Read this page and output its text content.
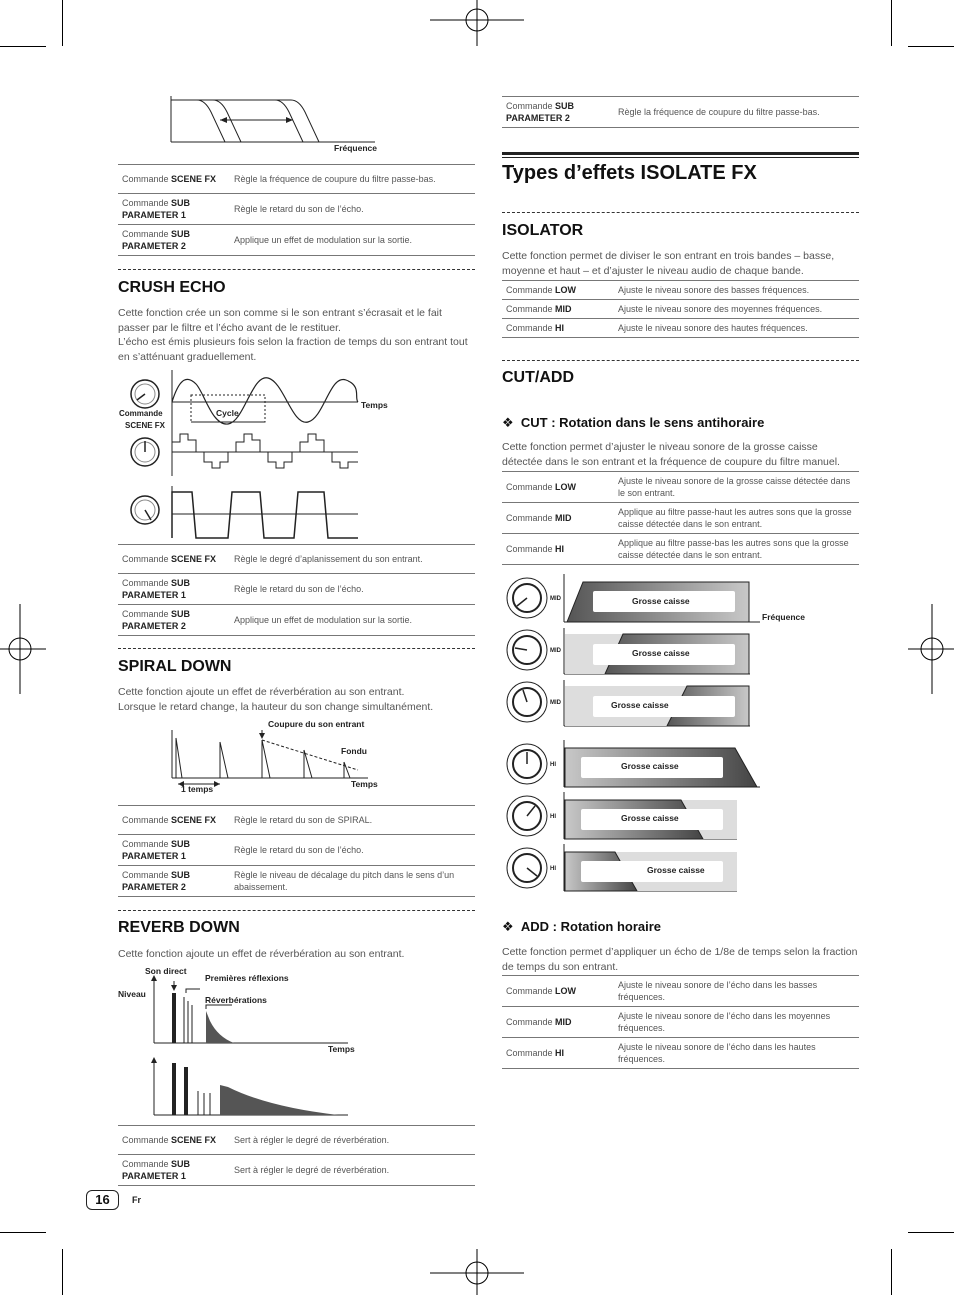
Fréquence
Commande SCENE FX	Règle la fréquence de coupure du filtre passe-bas.
Commande SUB PARAMETER 1	Règle le retard du son de l’écho.
Commande SUB PARAMETER 2	Applique un effet de modulation sur la sortie.
CRUSH ECHO
Cette fonction crée un son comme si le son entrant s’écrasait et le fait passer par le filtre et l’écho avant de le restituer.
L’écho est émis plusieurs fois selon la fraction de temps du son entrant tout en s’atténuant graduellement.
Commande
SCENE FX
Cycle
Temps
Commande SCENE FX	Règle le degré d’aplanissement du son entrant.
Commande SUB PARAMETER 1	Règle le retard du son de l’écho.
Commande SUB PARAMETER 2	Applique un effet de modulation sur la sortie.
SPIRAL DOWN
Cette fonction ajoute un effet de réverbération au son entrant.
Lorsque le retard change, la hauteur du son change simultanément.
Coupure du son entrant
Fondu
Temps
1 temps
Commande SCENE FX	Règle le retard du son de SPIRAL.
Commande SUB PARAMETER 1	Règle le retard du son de l’écho.
Commande SUB PARAMETER 2	Règle le niveau de décalage du pitch dans le sens d’un abaissement.
REVERB DOWN
Cette fonction ajoute un effet de réverbération au son entrant.
Son direct
Premières réflexions
Niveau
Réverbérations
Temps
Commande SCENE FX	Sert à régler le degré de réverbération.
Commande SUB PARAMETER 1	Sert à régler le degré de réverbération.
16	Fr
Commande SUB PARAMETER 2	Règle la fréquence de coupure du filtre passe-bas.
Types d’effets ISOLATE FX
ISOLATOR
Cette fonction permet de diviser le son entrant en trois bandes – basse, moyenne et haut – et d’ajuster le niveau audio de chaque bande.
Commande LOW	Ajuste le niveau sonore des basses fréquences.
Commande MID	Ajuste le niveau sonore des moyennes fréquences.
Commande HI	Ajuste le niveau sonore des hautes fréquences.
CUT/ADD
❖ CUT : Rotation dans le sens antihoraire
Cette fonction permet d’ajuster le niveau sonore de la grosse caisse détectée dans le son entrant et la fréquence de coupure du filtre manuel.
Commande LOW	Ajuste le niveau sonore de la grosse caisse détectée dans le son entrant.
Commande MID	Applique au filtre passe-haut les autres sons que la grosse caisse détectée dans le son entrant.
Commande HI	Applique au filtre passe-bas les autres sons que la grosse caisse détectée dans le son entrant.
MID
MID
MID
HI
HI
HI
Grosse caisse
Grosse caisse
Grosse caisse
Grosse caisse
Grosse caisse
Grosse caisse
Fréquence
❖ ADD : Rotation horaire
Cette fonction permet d’appliquer un écho de 1/8e de temps selon la fraction de temps du son entrant.
Commande LOW	Ajuste le niveau sonore de l’écho dans les basses fréquences.
Commande MID	Ajuste le niveau sonore de l’écho dans les moyennes fréquences.
Commande HI	Ajuste le niveau sonore de l’écho dans les hautes fréquences.
